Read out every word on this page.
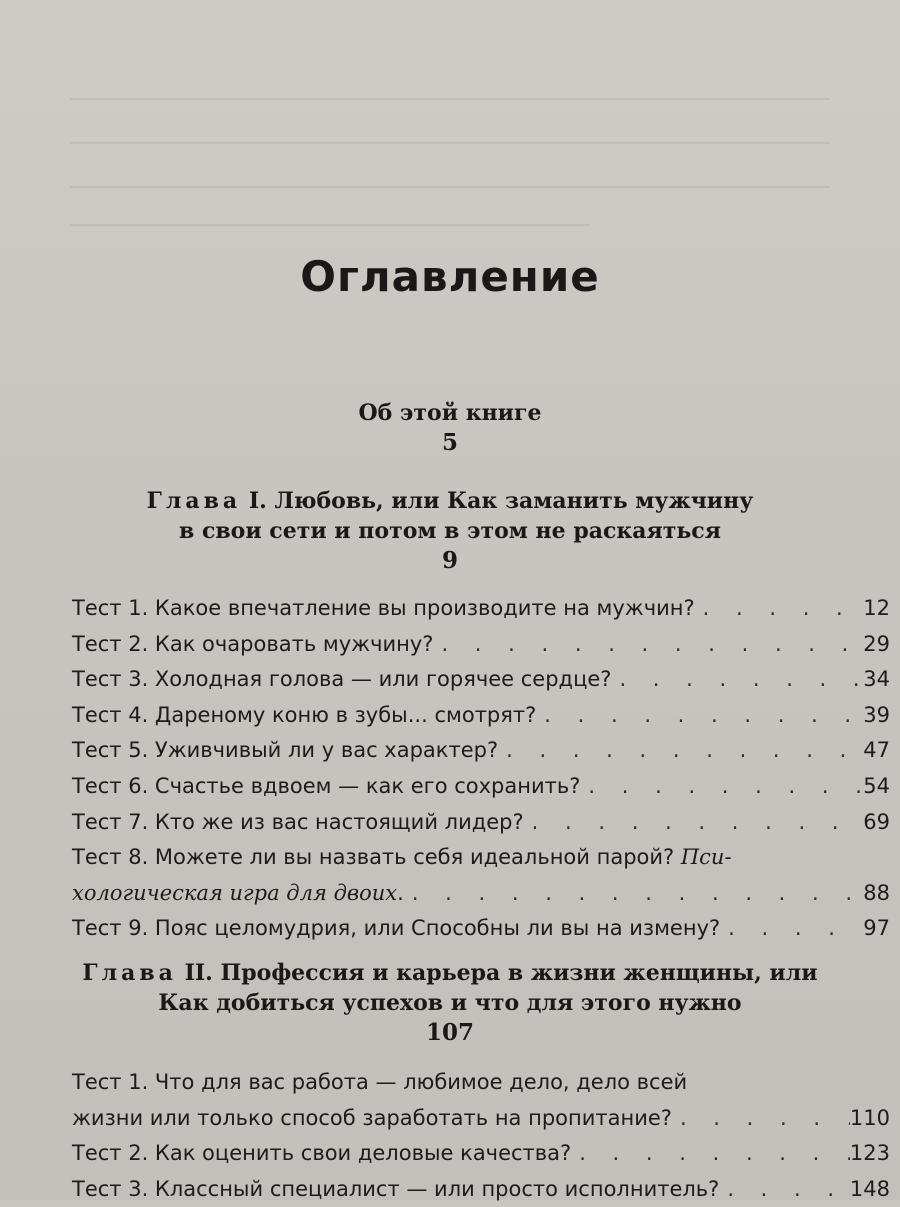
Оглавление
Об этой книге
5
Глава I. Любовь, или Как заманить мужчину
в свои сети и потом в этом не раскаяться
9
Тест 1. Какое впечатление вы производите на мужчин? . . .	12
Тест 2. Как очаровать мужчину? . . .	29
Тест 3. Холодная голова — или горячее сердце? . . .	34
Тест 4. Дареному коню в зубы... смотрят? . . .	39
Тест 5. Уживчивый ли у вас характер? . . .	47
Тест 6. Счастье вдвоем — как его сохранить? . . .	54
Тест 7. Кто же из вас настоящий лидер? . . .	69
Тест 8. Можете ли вы назвать себя идеальной парой? Пси-
хологическая игра для двоих. . . .	88
Тест 9. Пояс целомудрия, или Способны ли вы на измену? . . .	97
Глава II. Профессия и карьера в жизни женщины, или
Как добиться успехов и что для этого нужно
107
Тест 1. Что для вас работа — любимое дело, дело всей
жизни или только способ заработать на пропитание? . . .	110
Тест 2. Как оценить свои деловые качества? . . .	123
Тест 3. Классный специалист — или просто исполнитель? . . .	148
